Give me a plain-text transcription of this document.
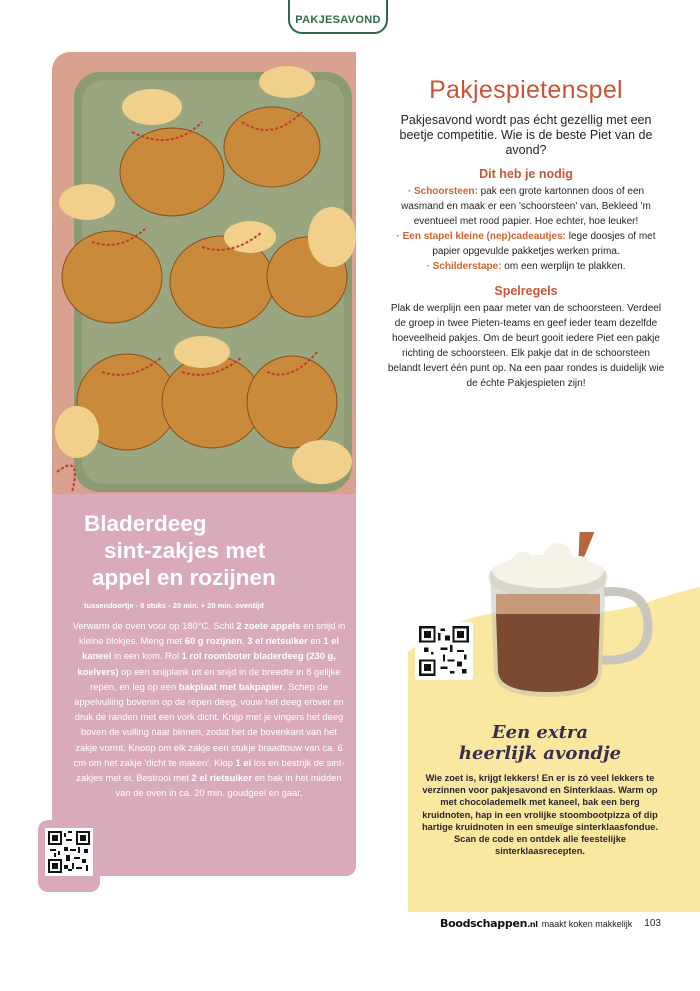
PAKJESAVOND
Pakjespietenspel

Pakjesavond wordt pas écht gezellig met een beetje competitie. Wie is de beste Piet van de avond?

Dit heb je nodig

· Schoorsteen: pak een grote kartonnen doos of een wasmand en maak er een 'schoorsteen' van. Bekleed 'm eventueel met rood papier. Hoe echter, hoe leuker!

· Een stapel kleine (nep)cadeautjes: lege doosjes of met papier opgevulde pakketjes werken prima.

· Schilderstape: om een werplijn te plakken.

Spelregels
Plak de werplijn een paar meter van de schoorsteen. Verdeel de groep in twee Pieten-teams en geef ieder team dezelfde hoeveelheid pakjes. Om de beurt gooit iedere Piet een pakje richting de schoorsteen. Elk pakje dat in de schoorsteen belandt levert één punt op. Na een paar rondes is duidelijk wie de échte Pakjespieten zijn!
Bladerdeeg
sint-zakjes met
appel en rozijnen
tussendoortje - 8 stuks - 20 min. + 20 min. oventijd
Verwarm de oven voor op 180°C. Schil 2 zoete appels en snijd in kleine blokjes. Meng met 60 g rozijnen, 3 el rietsuiker en 1 el kaneel in een kom. Rol 1 rol roomboter bladerdeeg (230 g, koelvers) op een snijplank uit en snijd in de breedte in 8 gelijke repen, en leg op een bakplaat met bakpapier. Schep de appelvulling bovenin op de repen deeg, vouw het deeg erover en druk de randen met een vork dicht. Knijp met je vingers het deeg boven de vulling naar binnen, zodat het de bovenkant van het zakje vormt. Knoop om elk zakje een stukje braadtouw van ca. 6 cm om het zakje 'dicht te maken'. Klop 1 ei los en bestrijk de sint-zakjes met ei. Bestrooi met 2 el rietsuiker en bak in het midden van de oven in ca. 20 min. goudgeel en gaar.
Een extra
heerlijk avondje
Wie zoet is, krijgt lekkers! En er is zó veel lekkers te verzinnen voor pakjesavond en Sinterklaas. Warm op met chocolademelk met kaneel, bak een berg kruidnoten, hap in een vrolijke stoombootpizza of dip hartige kruidnoten in een smeuïge sinterklaasfondue. Scan de code en ontdek alle feestelijke sinterklaasrecepten.
Boodschappen.nl maakt koken makkelijk 103
